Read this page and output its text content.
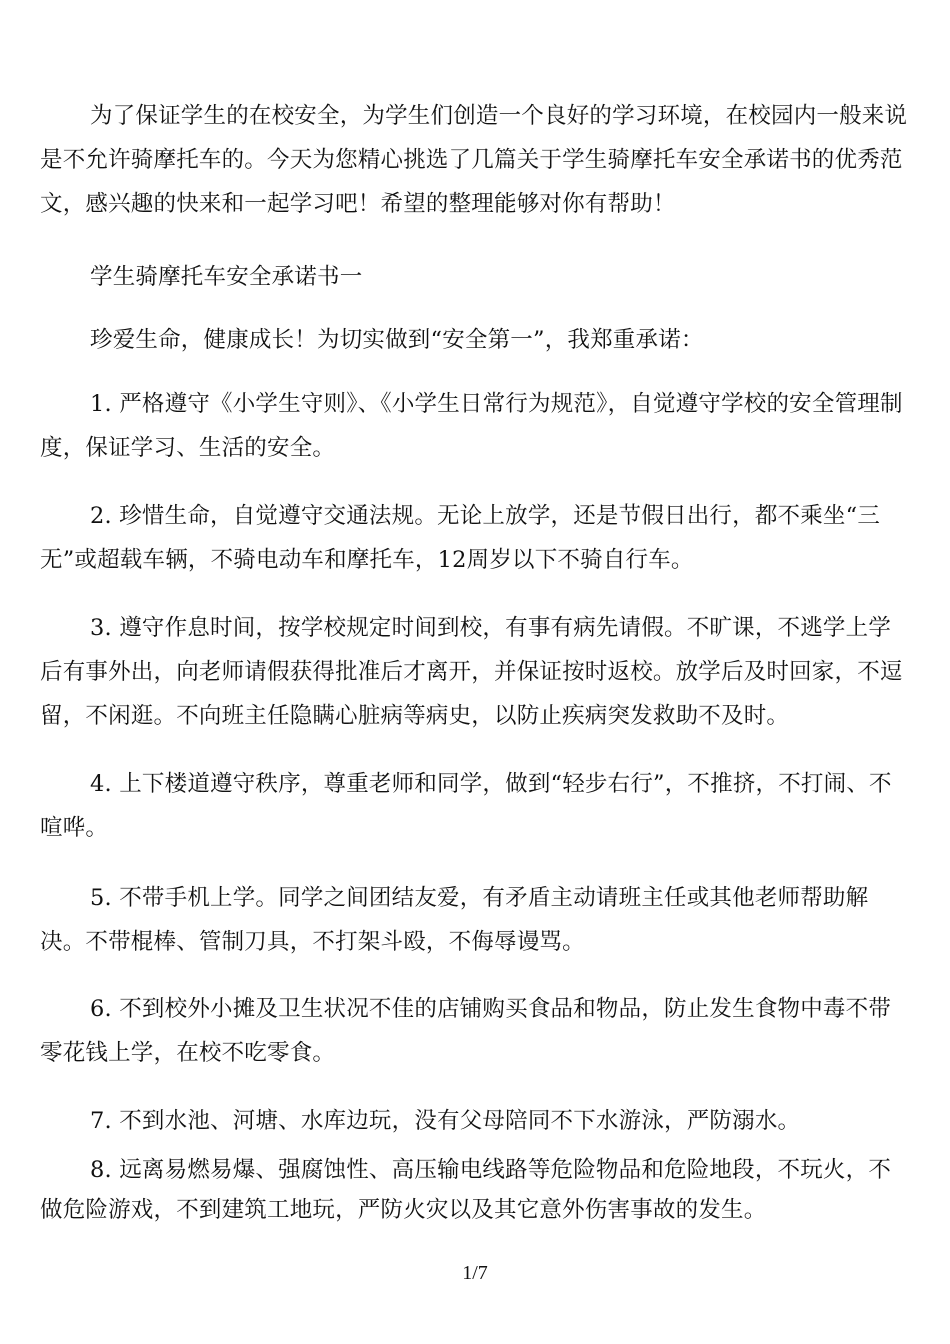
为了保证学生的在校安全，为学生们创造一个良好的学习环境，在校园内一般来说是不允许骑摩托车的。今天为您精心挑选了几篇关于学生骑摩托车安全承诺书的优秀范文，感兴趣的快来和一起学习吧！希望的整理能够对你有帮助！

学生骑摩托车安全承诺书一

珍爱生命，健康成长！为切实做到“安全第一”，我郑重承诺：

1. 严格遵守《小学生守则》、《小学生日常行为规范》，自觉遵守学校的安全管理制度，保证学习、生活的安全。

2. 珍惜生命，自觉遵守交通法规。无论上放学，还是节假日出行，都不乘坐“三无”或超载车辆，不骑电动车和摩托车，12周岁以下不骑自行车。

3. 遵守作息时间，按学校规定时间到校，有事有病先请假。不旷课，不逃学上学后有事外出，向老师请假获得批准后才离开，并保证按时返校。放学后及时回家，不逗留，不闲逛。不向班主任隐瞒心脏病等病史，以防止疾病突发救助不及时。

4. 上下楼道遵守秩序，尊重老师和同学，做到“轻步右行”，不推挤，不打闹、不喧哗。

5. 不带手机上学。同学之间团结友爱，有矛盾主动请班主任或其他老师帮助解决。不带棍棒、管制刀具，不打架斗殴，不侮辱谩骂。

6. 不到校外小摊及卫生状况不佳的店铺购买食品和物品，防止发生食物中毒不带零花钱上学，在校不吃零食。

7. 不到水池、河塘、水库边玩，没有父母陪同不下水游泳，严防溺水。

8. 远离易燃易爆、强腐蚀性、高压输电线路等危险物品和危险地段，不玩火，不做危险游戏，不到建筑工地玩，严防火灾以及其它意外伤害事故的发生。

1/7
